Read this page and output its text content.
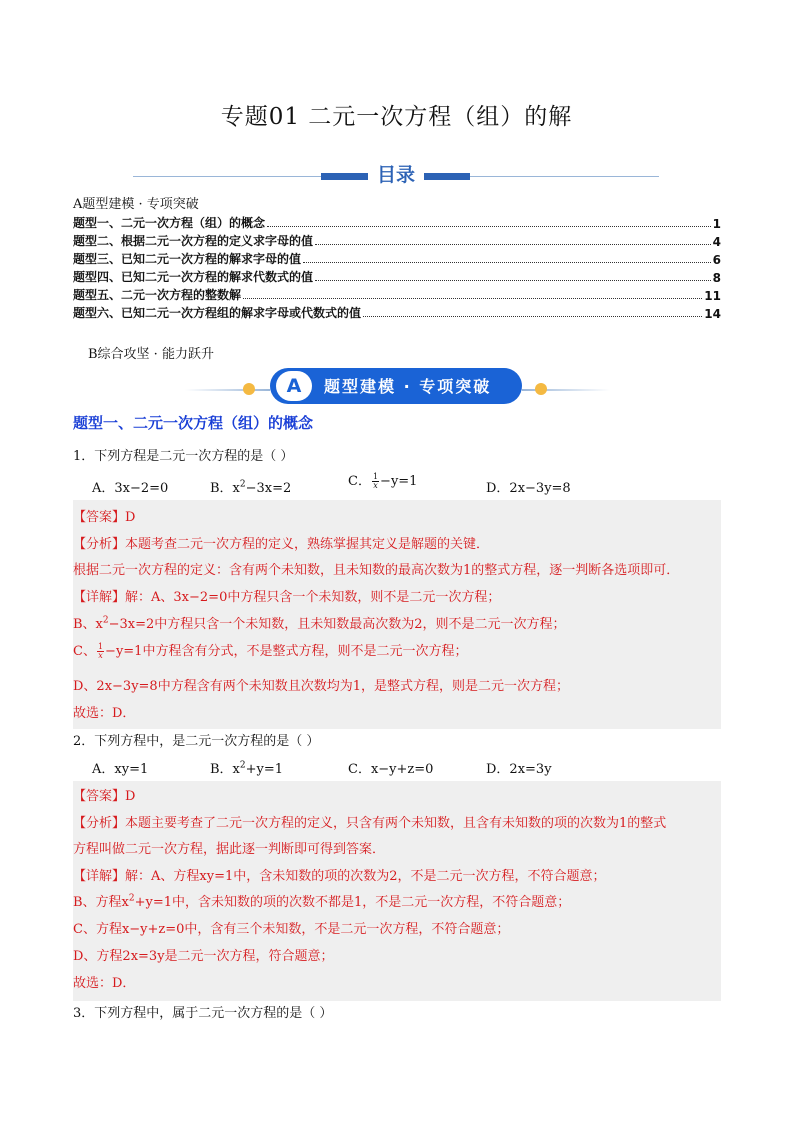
专题01 二元一次方程（组）的解
目录
A题型建模 · 专项突破
题型一、二元一次方程（组）的概念	1
题型二、根据二元一次方程的定义求字母的值	4
题型三、已知二元一次方程的解求字母的值	6
题型四、已知二元一次方程的解求代数式的值	8
题型五、二元一次方程的整数解	11
题型六、已知二元一次方程组的解求字母或代数式的值	14
B综合攻坚 · 能力跃升
A	题型建模 · 专项突破
题型一、二元一次方程（组）的概念
1．下列方程是二元一次方程的是（ ）
A．3x−2=0	B．$x^2-3x=2$	C． $\frac{1}{x} -y=1$	D．2x−3y=8
【答案】D
【分析】本题考查二元一次方程的定义，熟练掌握其定义是解题的关键．
根据二元一次方程的定义：含有两个未知数，且未知数的最高次数为1的整式方程，逐一判断各选项即可．
【详解】解：A、3x−2=0中方程只含一个未知数，则不是二元一次方程；
B、$x^2-3x=2$中方程只含一个未知数，且未知数最高次数为2，则不是二元一次方程；
C、 $\frac{1}{x} -y=1$中方程含有分式，不是整式方程，则不是二元一次方程；
D、2x−3y=8中方程含有两个未知数且次数均为1，是整式方程，则是二元一次方程；
故选：D．
2．下列方程中，是二元一次方程的是（ ）
A．xy=1	B．$x^2+y=1$	C．x−y+z=0	D．2x=3y
【答案】D
【分析】本题主要考查了二元一次方程的定义，只含有两个未知数，且含有未知数的项的次数为1的整式
方程叫做二元一次方程，据此逐一判断即可得到答案．
【详解】解：A、方程xy=1中，含未知数的项的次数为2，不是二元一次方程，不符合题意；
B、方程$x^2+y=1$中，含未知数的项的次数不都是1，不是二元一次方程，不符合题意；
C、方程x−y+z=0中，含有三个未知数，不是二元一次方程，不符合题意；
D、方程2x=3y是二元一次方程，符合题意；
故选：D．
3．下列方程中，属于二元一次方程的是（ ）
